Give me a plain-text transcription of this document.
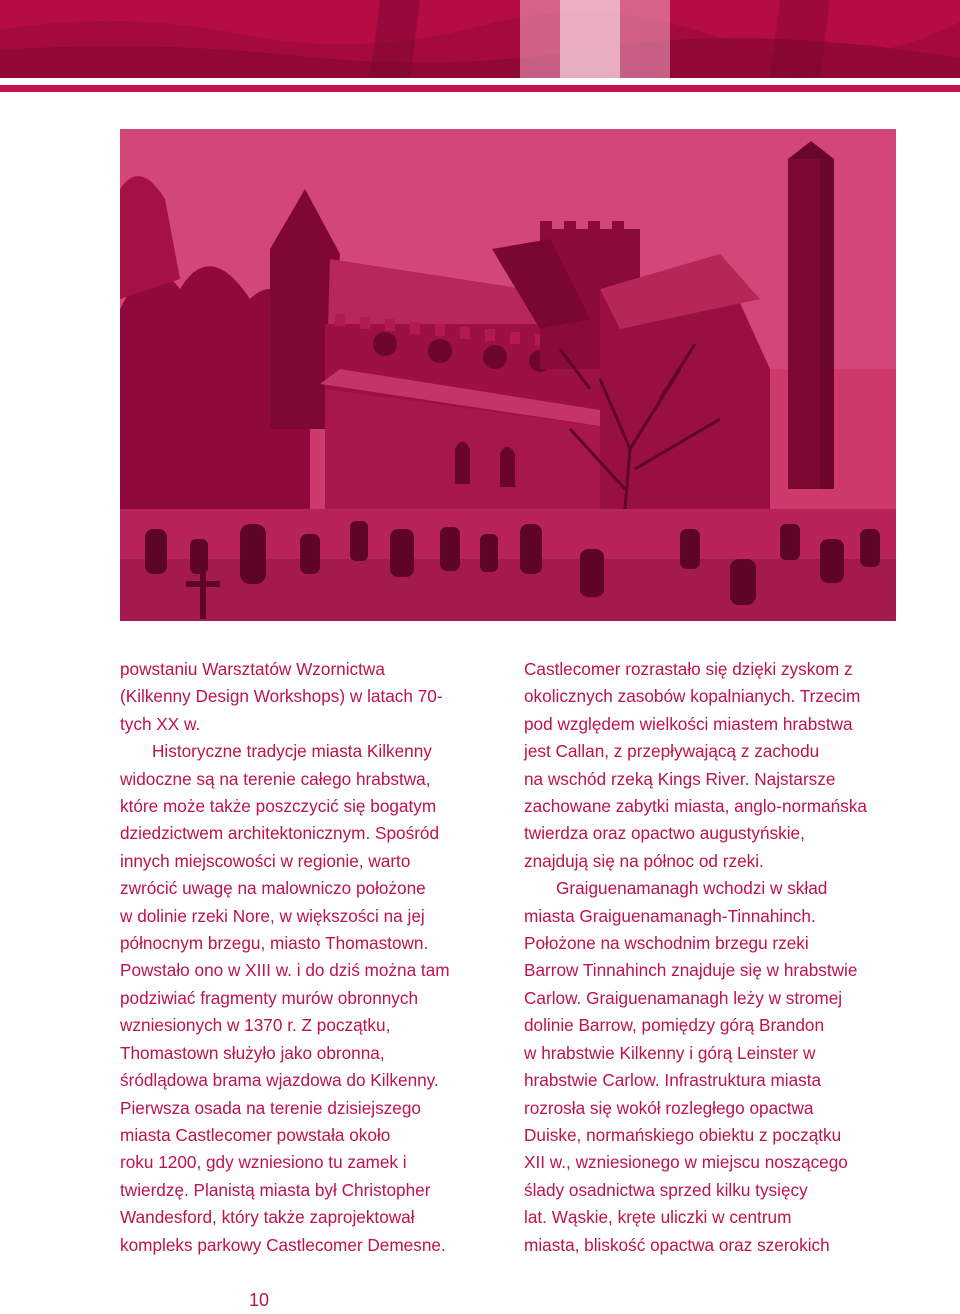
powstaniu Warsztatów Wzornictwa
(Kilkenny Design Workshops) w latach 70-
tych XX w.

Historyczne tradycje miasta Kilkenny
widoczne są na terenie całego hrabstwa,
które może także poszczycić się bogatym
dziedzictwem architektonicznym. Spośród
innych miejscowości w regionie, warto
zwrócić uwagę na malowniczo położone
w dolinie rzeki Nore, w większości na jej
północnym brzegu, miasto Thomastown.
Powstało ono w XIII w. i do dziś można tam
podziwiać fragmenty murów obronnych
wzniesionych w 1370 r. Z początku,
Thomastown służyło jako obronna,
śródlądowa brama wjazdowa do Kilkenny.
Pierwsza osada na terenie dzisiejszego
miasta Castlecomer powstała około
roku 1200, gdy wzniesiono tu zamek i
twierdzę. Planistą miasta był Christopher
Wandesford, który także zaprojektował
kompleks parkowy Castlecomer Demesne.

Castlecomer rozrastało się dzięki zyskom z
okolicznych zasobów kopalnianych. Trzecim
pod względem wielkości miastem hrabstwa
jest Callan, z przepływającą z zachodu
na wschód rzeką Kings River. Najstarsze
zachowane zabytki miasta, anglo-normańska
twierdza oraz opactwo augustyńskie,
znajdują się na północ od rzeki.

Graiguenamanagh wchodzi w skład
miasta Graiguenamanagh-Tinnahinch.
Położone na wschodnim brzegu rzeki
Barrow Tinnahinch znajduje się w hrabstwie
Carlow. Graiguenamanagh leży w stromej
dolinie Barrow, pomiędzy górą Brandon
w hrabstwie Kilkenny i górą Leinster w
hrabstwie Carlow. Infrastruktura miasta
rozrosła się wokół rozległego opactwa
Duiske, normańskiego obiektu z początku
XII w., wzniesionego w miejscu noszącego
ślady osadnictwa sprzed kilku tysięcy
lat. Wąskie, kręte uliczki w centrum
miasta, bliskość opactwa oraz szerokich

10
